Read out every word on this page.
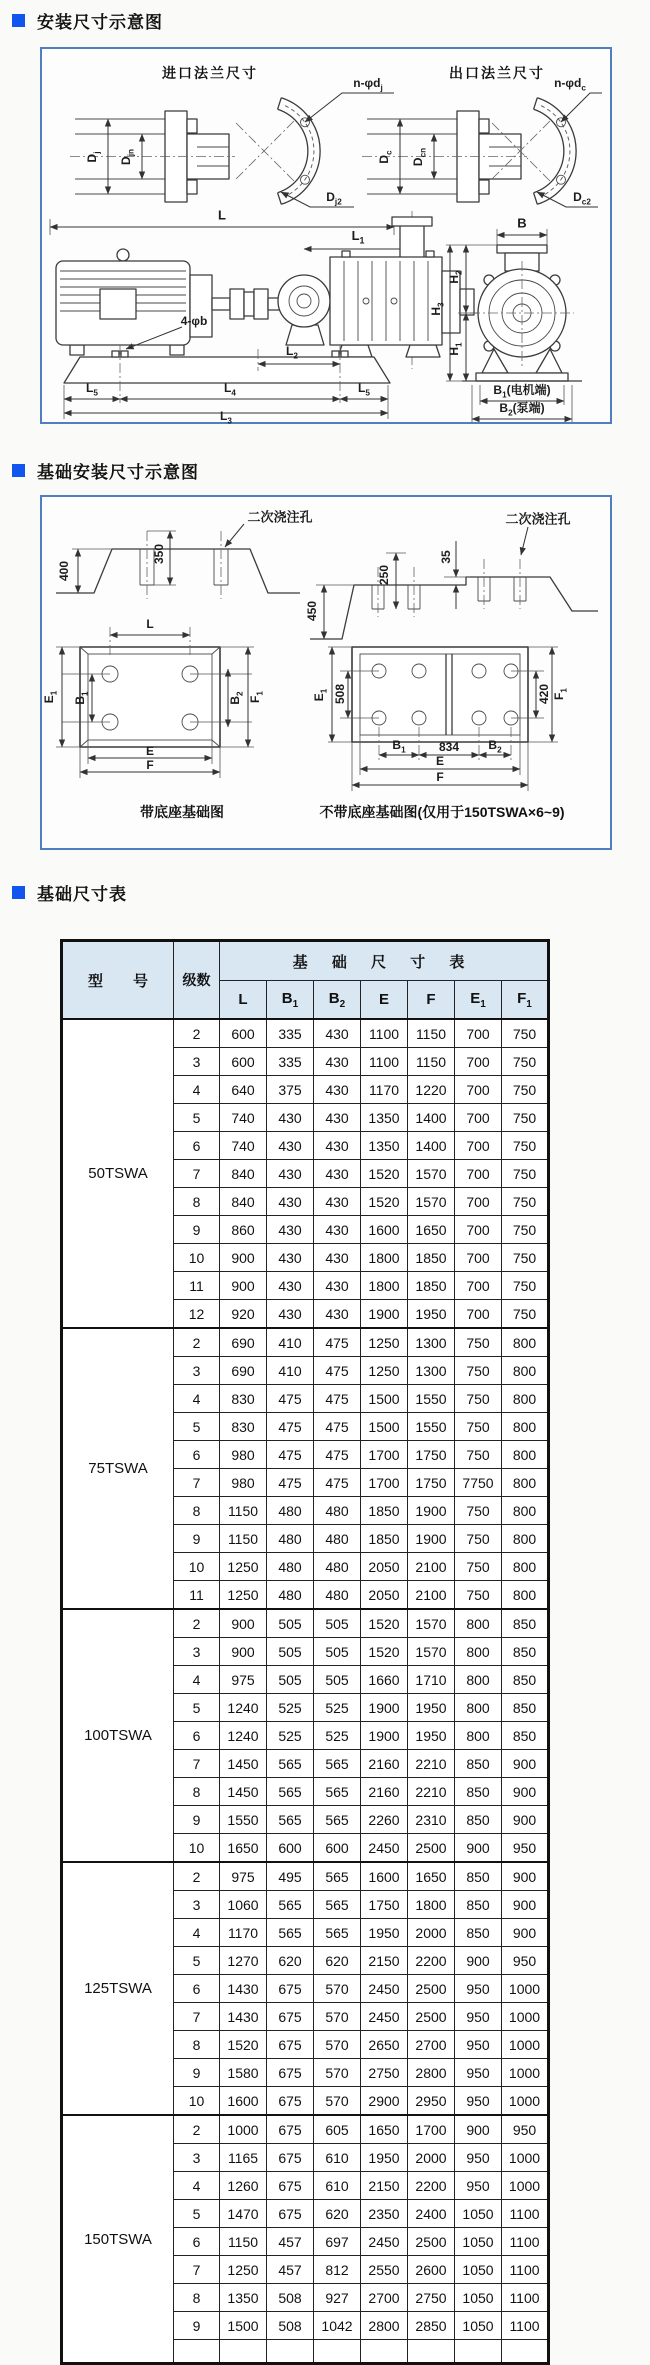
安装尺寸示意图
进口法兰尺寸	出口法兰尺寸
$D_j$
$D_{jn}$
$n-\varphi d_j$
$D_{j2}$
$D_c$
$D_{cn}$
$n-\varphi d_c$
$D_{c2}$
L
$L_1$
4-φb
$L_2$
$L_5$	$L_4$	$L_5$
$L_3$
B
$H_3$
$H_2$
$H_1$
$B_1$(电机端)
$B_2$(泵端)
基础安装尺寸示意图
400
350
二次浇注孔
450
250
35
二次浇注孔
L
$E_1$
$B_1$
$B_2$
$F_1$
E
F
$E_1$ 508	420 $F_1$
$B_1$	834 $B_2$
E
F
带底座基础图	不带底座基础图(仅用于150TSWA×6~9)
基础尺寸表
型　　号	级数	基 础 尺 寸 表						
		L	$B_1$	$B_2$	E	F	$E_1$	$F_1$
50TSWA	2	600	335	430	1100	1150	700	750
	3	600	335	430	1100	1150	700	750
	4	640	375	430	1170	1220	700	750
	5	740	430	430	1350	1400	700	750
	6	740	430	430	1350	1400	700	750
	7	840	430	430	1520	1570	700	750
	8	840	430	430	1520	1570	700	750
	9	860	430	430	1600	1650	700	750
	10	900	430	430	1800	1850	700	750
	11	900	430	430	1800	1850	700	750
	12	920	430	430	1900	1950	700	750
75TSWA	2	690	410	475	1250	1300	750	800
	3	690	410	475	1250	1300	750	800
	4	830	475	475	1500	1550	750	800
	5	830	475	475	1500	1550	750	800
	6	980	475	475	1700	1750	750	800
	7	980	475	475	1700	1750	7750	800
	8	1150	480	480	1850	1900	750	800
	9	1150	480	480	1850	1900	750	800
	10	1250	480	480	2050	2100	750	800
	11	1250	480	480	2050	2100	750	800
100TSWA	2	900	505	505	1520	1570	800	850
	3	900	505	505	1520	1570	800	850
	4	975	505	505	1660	1710	800	850
	5	1240	525	525	1900	1950	800	850
	6	1240	525	525	1900	1950	800	850
	7	1450	565	565	2160	2210	850	900
	8	1450	565	565	2160	2210	850	900
	9	1550	565	565	2260	2310	850	900
	10	1650	600	600	2450	2500	900	950
125TSWA	2	975	495	565	1600	1650	850	900
	3	1060	565	565	1750	1800	850	900
	4	1170	565	565	1950	2000	850	900
	5	1270	620	620	2150	2200	900	950
	6	1430	675	570	2450	2500	950	1000
	7	1430	675	570	2450	2500	950	1000
	8	1520	675	570	2650	2700	950	1000
	9	1580	675	570	2750	2800	950	1000
	10	1600	675	570	2900	2950	950	1000
150TSWA	2	1000	675	605	1650	1700	900	950
	3	1165	675	610	1950	2000	950	1000
	4	1260	675	610	2150	2200	950	1000
	5	1470	675	620	2350	2400	1050	1100
	6	1150	457	697	2450	2500	1050	1100
	7	1250	457	812	2550	2600	1050	1100
	8	1350	508	927	2700	2750	1050	1100
	9	1500	508	1042	2800	2850	1050	1100
